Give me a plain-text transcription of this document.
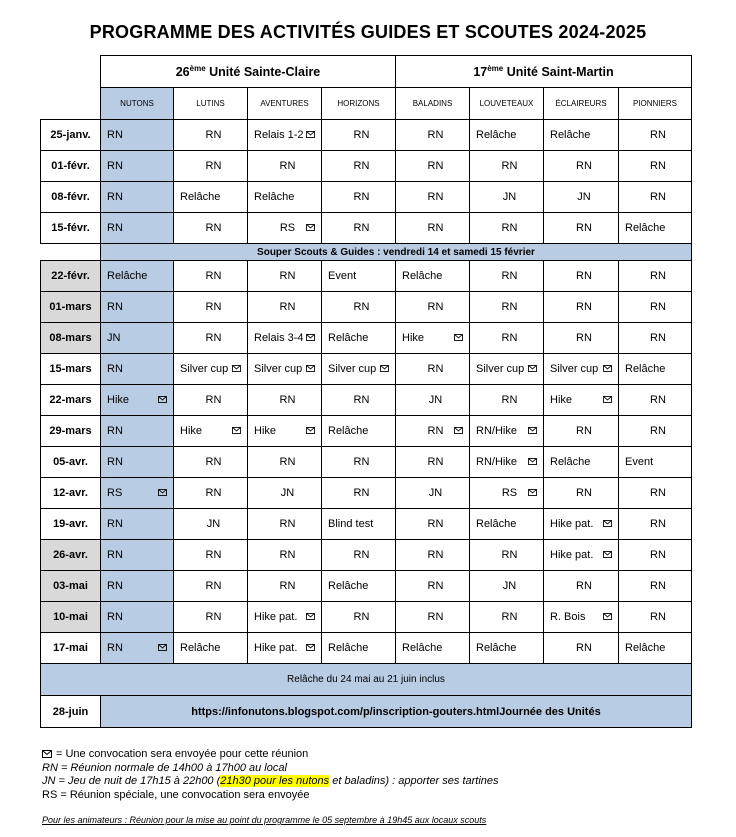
PROGRAMME DES ACTIVITÉS GUIDES ET SCOUTES 2024-2025
	26ème Unité Sainte-Claire				17ème Unité Saint-Martin			
	NUTONS	LUTINS	AVENTURES	HORIZONS	BALADINS	LOUVETEAUX	ÉCLAIREURS	PIONNIERS
25-janv.	RN	RN	Relais 1-2	RN	RN	Relâche	Relâche	RN
01-févr.	RN	RN	RN	RN	RN	RN	RN	RN
08-févr.	RN	Relâche	Relâche	RN	RN	JN	JN	RN
15-févr.	RN	RN	RS	RN	RN	RN	RN	Relâche
	Souper Scouts & Guides : vendredi 14 et samedi 15 février							
22-févr.	Relâche	RN	RN	Event	Relâche	RN	RN	RN
01-mars	RN	RN	RN	RN	RN	RN	RN	RN
08-mars	JN	RN	Relais 3-4	Relâche	Hike	RN	RN	RN
15-mars	RN	Silver cup	Silver cup	Silver cup	RN	Silver cup	Silver cup	Relâche
22-mars	Hike	RN	RN	RN	JN	RN	Hike	RN
29-mars	RN	Hike	Hike	Relâche	RN	RN/Hike	RN	RN
05-avr.	RN	RN	RN	RN	RN	RN/Hike	Relâche	Event
12-avr.	RS	RN	JN	RN	JN	RS	RN	RN
19-avr.	RN	JN	RN	Blind test	RN	Relâche	Hike pat.	RN
26-avr.	RN	RN	RN	RN	RN	RN	Hike pat.	RN
03-mai	RN	RN	RN	Relâche	RN	JN	RN	RN
10-mai	RN	RN	Hike pat.	RN	RN	RN	R. Bois	RN
17-mai	RN	Relâche	Hike pat.	Relâche	Relâche	Relâche	RN	Relâche
Relâche du 24 mai au 21 juin inclus								
28-juin	https://infonutons.blogspot.com/p/inscription-gouters.htmlJournée des Unités							
= Une convocation sera envoyée pour cette réunion
RN = Réunion normale de 14h00 à 17h00 au local
JN = Jeu de nuit de 17h15 à 22h00 (21h30 pour les nutons et baladins) : apporter ses tartines
RS = Réunion spéciale, une convocation sera envoyée
Pour les animateurs : Réunion pour la mise au point du programme le 05 septembre à 19h45 aux locaux scouts
